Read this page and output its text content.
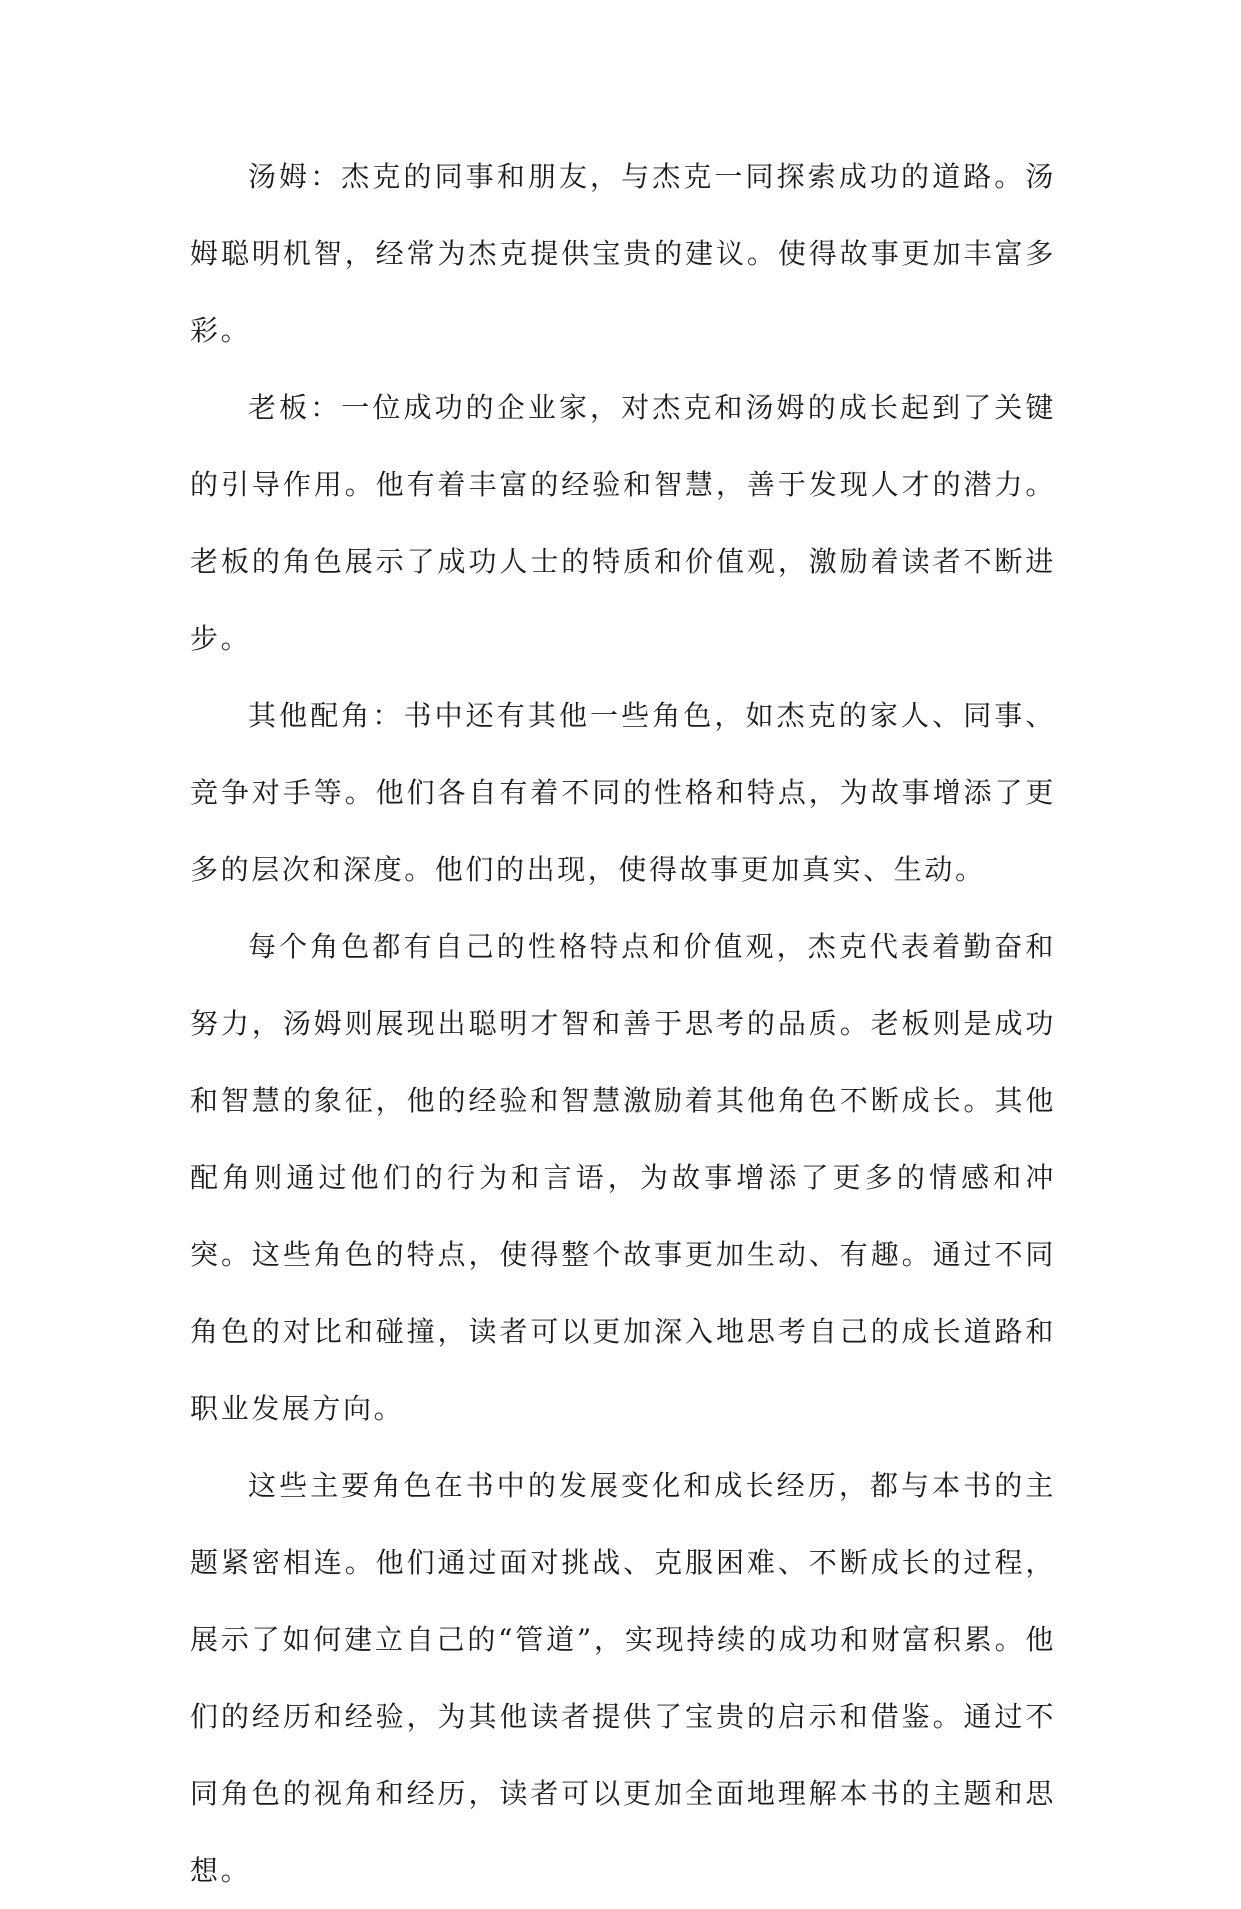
汤姆：杰克的同事和朋友，与杰克一同探索成功的道路。汤姆聪明机智，经常为杰克提供宝贵的建议。使得故事更加丰富多彩。

老板：一位成功的企业家，对杰克和汤姆的成长起到了关键的引导作用。他有着丰富的经验和智慧，善于发现人才的潜力。老板的角色展示了成功人士的特质和价值观，激励着读者不断进步。

其他配角：书中还有其他一些角色，如杰克的家人、同事、竞争对手等。他们各自有着不同的性格和特点，为故事增添了更多的层次和深度。他们的出现，使得故事更加真实、生动。

每个角色都有自己的性格特点和价值观，杰克代表着勤奋和努力，汤姆则展现出聪明才智和善于思考的品质。老板则是成功和智慧的象征，他的经验和智慧激励着其他角色不断成长。其他配角则通过他们的行为和言语，为故事增添了更多的情感和冲突。这些角色的特点，使得整个故事更加生动、有趣。通过不同角色的对比和碰撞，读者可以更加深入地思考自己的成长道路和职业发展方向。

这些主要角色在书中的发展变化和成长经历，都与本书的主题紧密相连。他们通过面对挑战、克服困难、不断成长的过程，展示了如何建立自己的“管道”，实现持续的成功和财富积累。他们的经历和经验，为其他读者提供了宝贵的启示和借鉴。通过不同角色的视角和经历，读者可以更加全面地理解本书的主题和思想。
